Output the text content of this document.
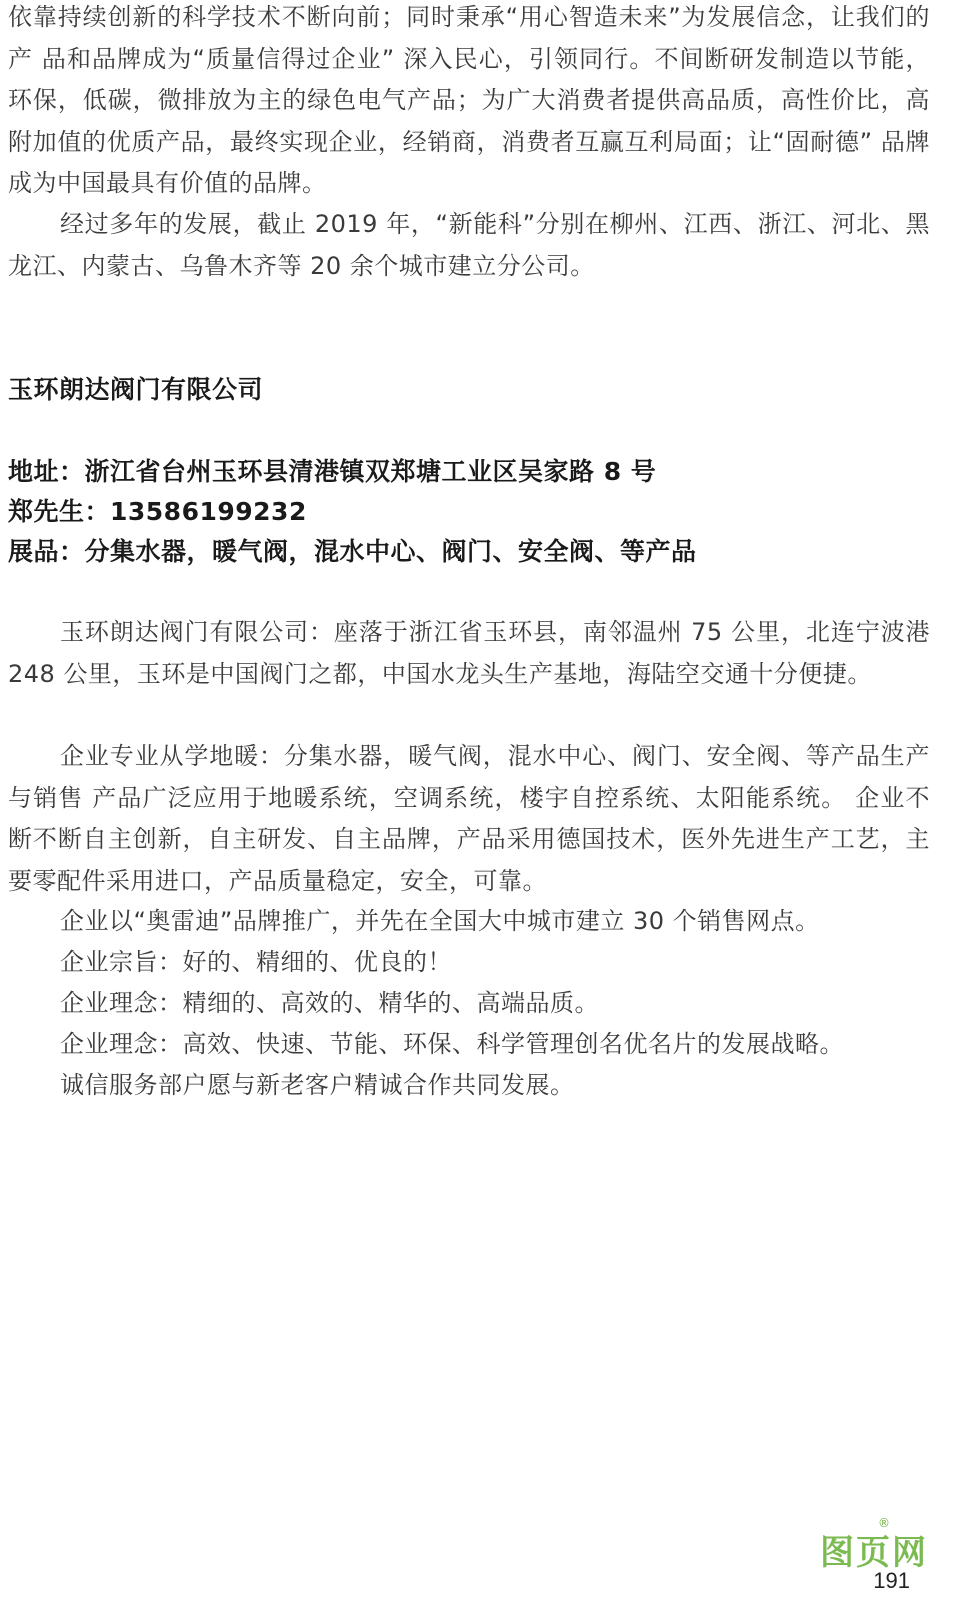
依靠持续创新的科学技术不断向前；同时秉承“用心智造未来”为发展信念，让我们的产 品和品牌成为“质量信得过企业” 深入民心，引领同行。不间断研发制造以节能，环保，低碳，微排放为主的绿色电气产品；为广大消费者提供高品质，高性价比，高附加值的优质产品，最终实现企业，经销商，消费者互赢互利局面；让“固耐德” 品牌成为中国最具有价值的品牌。

经过多年的发展，截止 2019 年，“新能科”分别在柳州、江西、浙江、河北、黑龙江、内蒙古、乌鲁木齐等 20 余个城市建立分公司。

玉环朗达阀门有限公司

地址：浙江省台州玉环县清港镇双郑塘工业区吴家路 8 号

郑先生：13586199232

展品：分集水器，暖气阀，混水中心、阀门、安全阀、等产品

玉环朗达阀门有限公司：座落于浙江省玉环县，南邻温州 75 公里，北连宁波港 248 公里，玉环是中国阀门之都，中国水龙头生产基地，海陆空交通十分便捷。

企业专业从学地暖：分集水器，暖气阀，混水中心、阀门、安全阀、等产品生产与销售 产品广泛应用于地暖系统，空调系统，楼宇自控系统、太阳能系统。 企业不断不断自主创新，自主研发、自主品牌，产品采用德国技术，医外先进生产工艺，主要零配件采用进口，产品质量稳定，安全，可靠。

企业以“奥雷迪”品牌推广，并先在全国大中城市建立 30 个销售网点。

企业宗旨：好的、精细的、优良的！

企业理念：精细的、高效的、精华的、高端品质。

企业理念：高效、快速、节能、环保、科学管理创名优名片的发展战略。

诚信服务部户愿与新老客户精诚合作共同发展。

®
图页网
191
